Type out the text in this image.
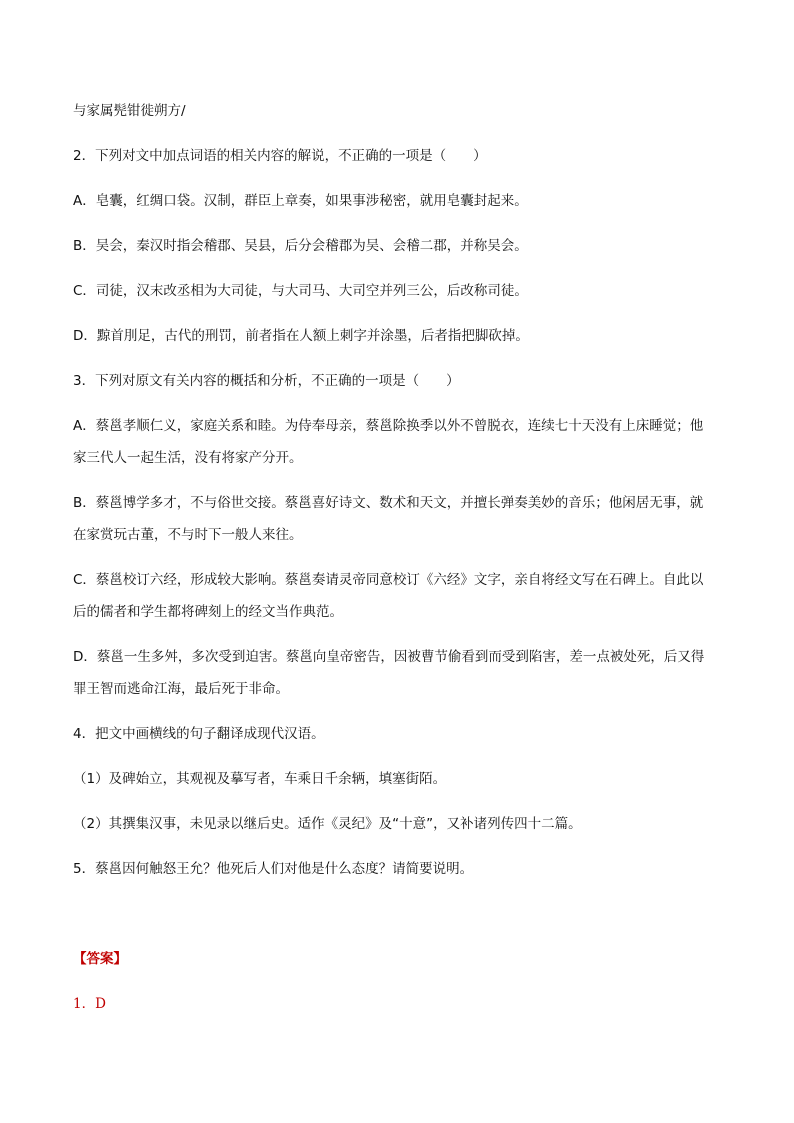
与家属髡钳徙朔方/
2．下列对文中加点词语的相关内容的解说，不正确的一项是（　　）
A．皂囊，红绸口袋。汉制，群臣上章奏，如果事涉秘密，就用皂囊封起来。
B．吴会，秦汉时指会稽郡、吴县，后分会稽郡为吴、会稽二郡，并称吴会。
C．司徒，汉末改丞相为大司徒，与大司马、大司空并列三公，后改称司徒。
D．黥首刖足，古代的刑罚，前者指在人额上刺字并涂墨，后者指把脚砍掉。
3．下列对原文有关内容的概括和分析，不正确的一项是（　　）
A．蔡邕孝顺仁义，家庭关系和睦。为侍奉母亲，蔡邕除换季以外不曾脱衣，连续七十天没有上床睡觉；他
家三代人一起生活，没有将家产分开。
B．蔡邕博学多才，不与俗世交接。蔡邕喜好诗文、数术和天文，并擅长弹奏美妙的音乐；他闲居无事，就
在家赏玩古董，不与时下一般人来往。
C．蔡邕校订六经，形成较大影响。蔡邕奏请灵帝同意校订《六经》文字，亲自将经文写在石碑上。自此以
后的儒者和学生都将碑刻上的经文当作典范。
D．蔡邕一生多舛，多次受到迫害。蔡邕向皇帝密告，因被曹节偷看到而受到陷害，差一点被处死，后又得
罪王智而逃命江海，最后死于非命。
4．把文中画横线的句子翻译成现代汉语。
（1）及碑始立，其观视及摹写者，车乘日千余辆，填塞街陌。
（2）其撰集汉事，未见录以继后史。适作《灵纪》及“十意”，又补诸列传四十二篇。
5．蔡邕因何触怒王允？他死后人们对他是什么态度？请简要说明。
【答案】
1．D
